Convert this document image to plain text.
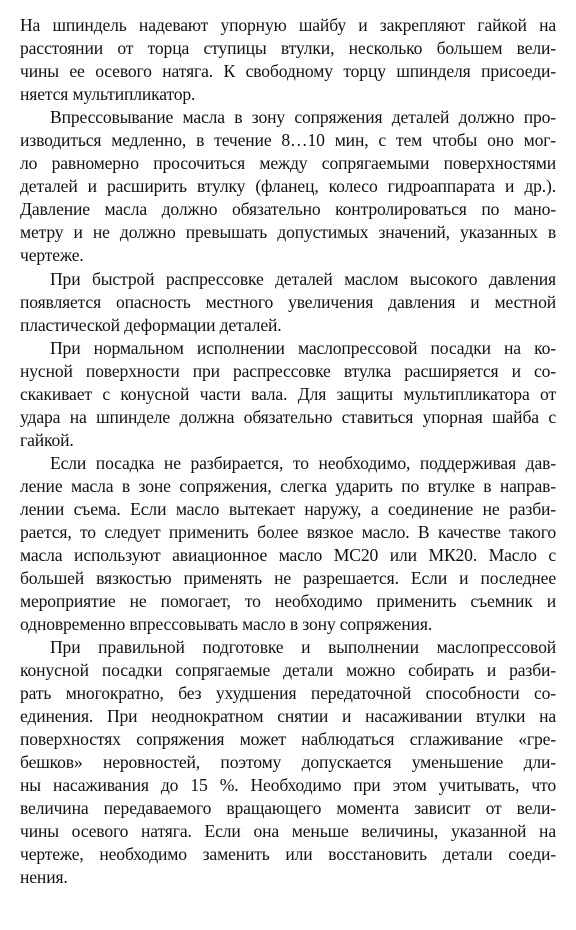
На шпиндель надевают упорную шайбу и закрепляют гайкой на
расстоянии от торца ступицы втулки, несколько большем вели-
чины ее осевого натяга. К свободному торцу шпинделя присоеди-
няется мультипликатор.
Впрессовывание масла в зону сопряжения деталей должно про-
изводиться медленно, в течение 8…10 мин, с тем чтобы оно мог-
ло равномерно просочиться между сопрягаемыми поверхностями
деталей и расширить втулку (фланец, колесо гидроаппарата и др.).
Давление масла должно обязательно контролироваться по мано-
метру и не должно превышать допустимых значений, указанных в
чертеже.
При быстрой распрессовке деталей маслом высокого давления
появляется опасность местного увеличения давления и местной
пластической деформации деталей.
При нормальном исполнении маслопрессовой посадки на ко-
нусной поверхности при распрессовке втулка расширяется и со-
скакивает с конусной части вала. Для защиты мультипликатора от
удара на шпинделе должна обязательно ставиться упорная шайба с
гайкой.
Если посадка не разбирается, то необходимо, поддерживая дав-
ление масла в зоне сопряжения, слегка ударить по втулке в направ-
лении съема. Если масло вытекает наружу, а соединение не разби-
рается, то следует применить более вязкое масло. В качестве такого
масла используют авиационное масло МС20 или МК20. Масло с
большей вязкостью применять не разрешается. Если и последнее
мероприятие не помогает, то необходимо применить съемник и
одновременно впрессовывать масло в зону сопряжения.
При правильной подготовке и выполнении маслопрессовой
конусной посадки сопрягаемые детали можно собирать и разби-
рать многократно, без ухудшения передаточной способности со-
единения. При неоднократном снятии и насаживании втулки на
поверхностях сопряжения может наблюдаться сглаживание «гре-
бешков» неровностей, поэтому допускается уменьшение дли-
ны насаживания до 15 %. Необходимо при этом учитывать, что
величина передаваемого вращающего момента зависит от вели-
чины осевого натяга. Если она меньше величины, указанной на
чертеже, необходимо заменить или восстановить детали соеди-
нения.
